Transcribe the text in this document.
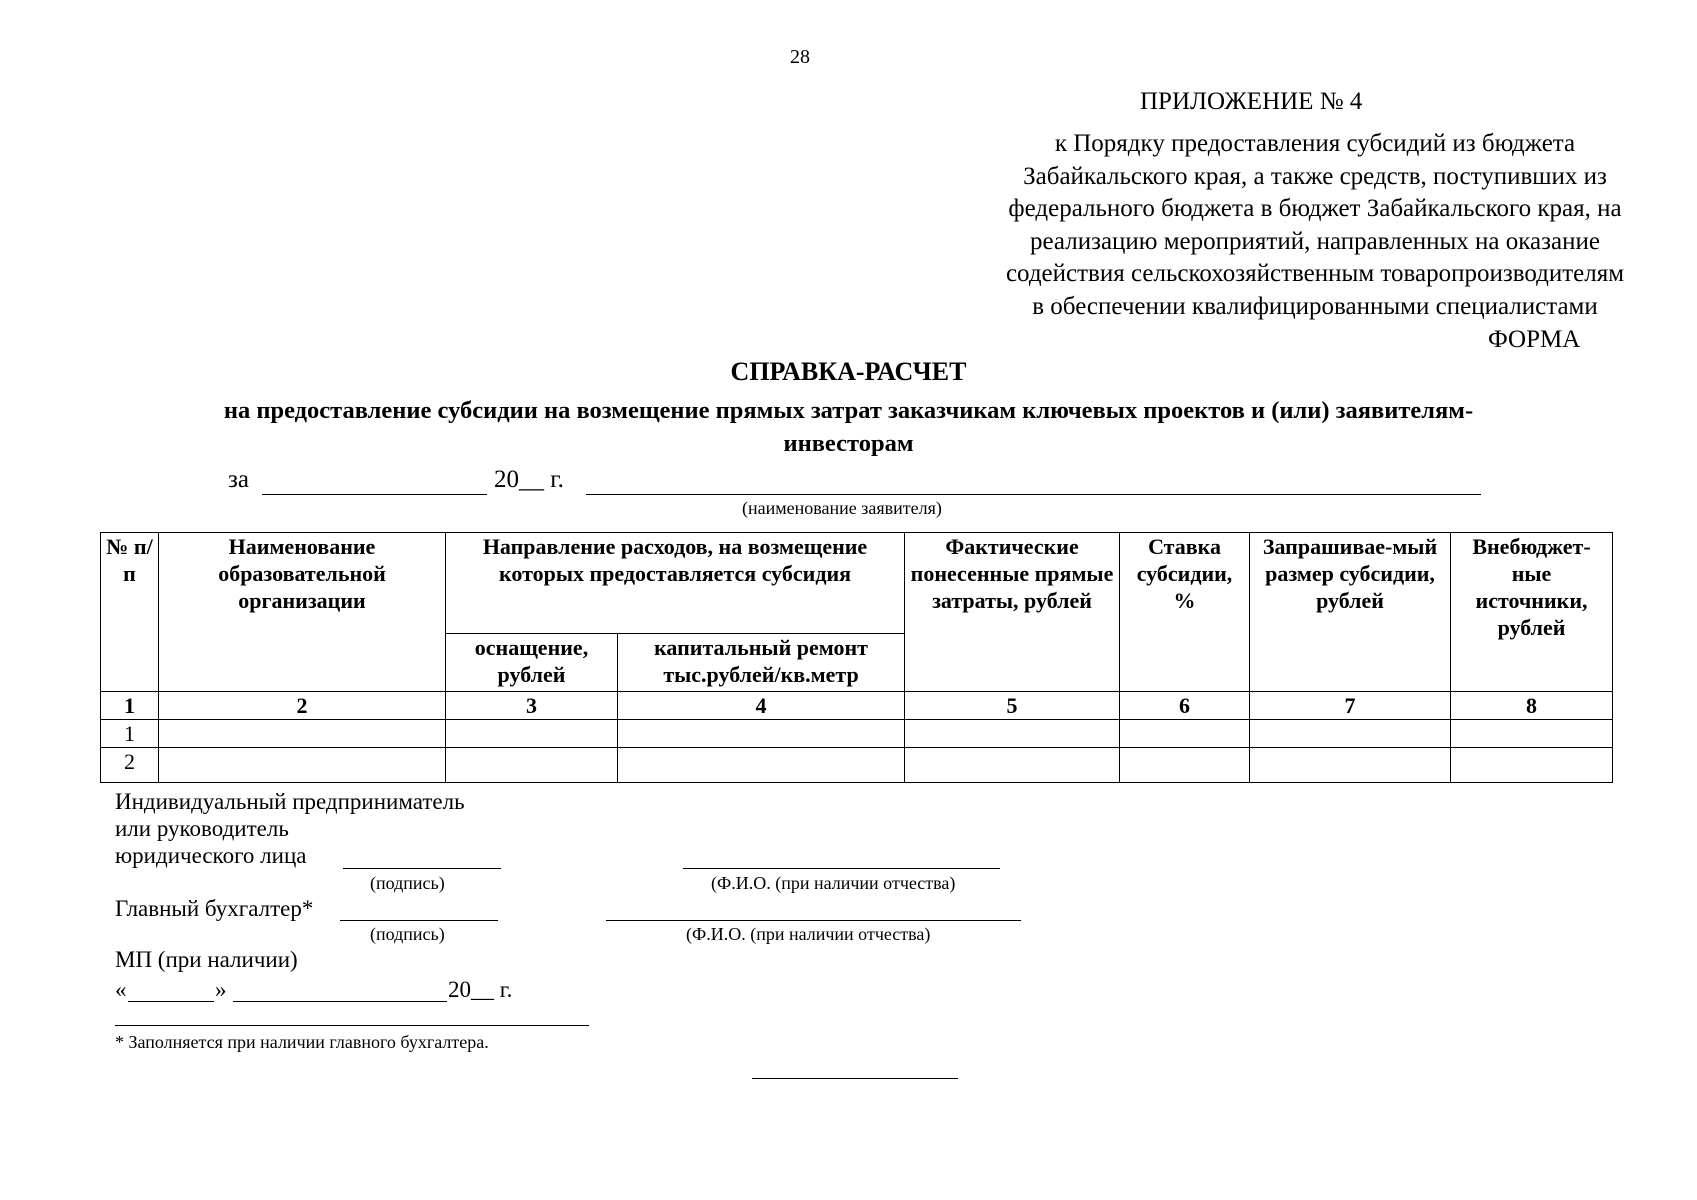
28
ПРИЛОЖЕНИЕ № 4
к Порядку предоставления субсидий из бюджета
Забайкальского края, а также средств, поступивших из
федерального бюджета в бюджет Забайкальского края, на
реализацию мероприятий, направленных на оказание
содействия сельскохозяйственным товаропроизводителям
в обеспечении квалифицированными специалистами
ФОРМА
СПРАВКА-РАСЧЕТ
на предоставление субсидии на возмещение прямых затрат заказчикам ключевых проектов и (или) заявителям-
инвесторам
за	20__ г.
(наименование заявителя)
№ п/п	Наименование образовательной организации	Направление расходов, на возмещение которых предоставляется субсидия		Фактические понесенные прямые затраты, рублей	Ставка субсидии, %	Запрашивае-мый размер субсидии, рублей	Внебюджет-ные источники, рублей
		оснащение, рублей	капитальный ремонт тыс.рублей/кв.метр				
1	2	3	4	5	6	7	8
1							
2							
Индивидуальный предприниматель
или руководитель
юридического лица
(подпись)	(Ф.И.О. (при наличии отчества)
Главный бухгалтер*
(подпись)	(Ф.И.О. (при наличии отчества)
МП (при наличии)
«	»	20__ г.
* Заполняется при наличии главного бухгалтера.
